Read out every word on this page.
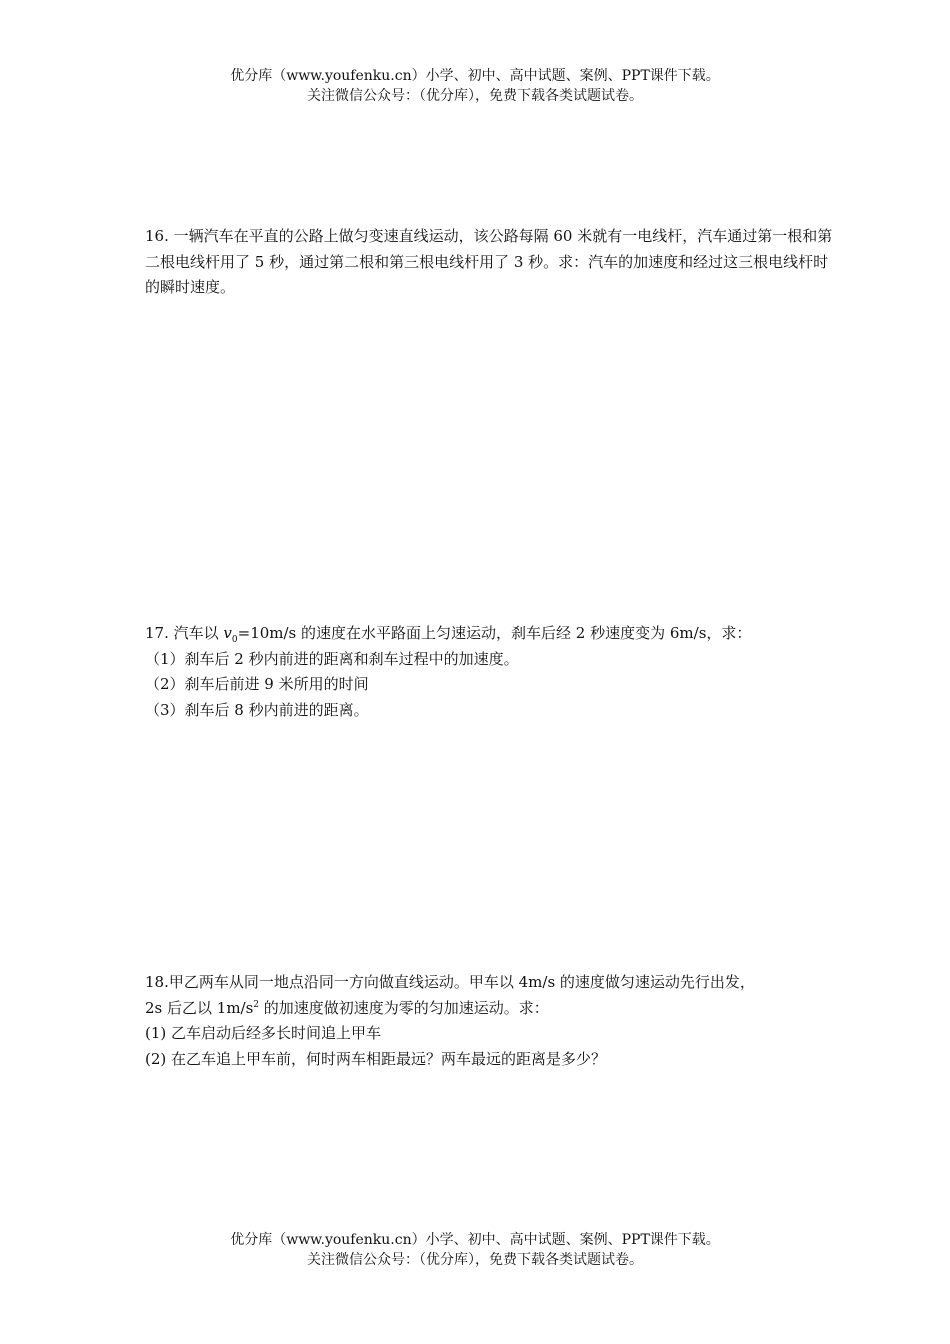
优分库（www.youfenku.cn）小学、初中、高中试题、案例、PPT课件下载。
关注微信公众号：（优分库），免费下载各类试题试卷。

16. 一辆汽车在平直的公路上做匀变速直线运动，该公路每隔 60 米就有一电线杆，汽车通过第一根和第二根电线杆用了 5 秒，通过第二根和第三根电线杆用了 3 秒。求：汽车的加速度和经过这三根电线杆时的瞬时速度。

17. 汽车以 $v_0=10m/s$ 的速度在水平路面上匀速运动，刹车后经 2 秒速度变为 6m/s，求：

（1）刹车后 2 秒内前进的距离和刹车过程中的加速度。

（2）刹车后前进 9 米所用的时间

（3）刹车后 8 秒内前进的距离。

18.甲乙两车从同一地点沿同一方向做直线运动。甲车以 4m/s 的速度做匀速运动先行出发，

2s 后乙以 $1m/s^2$ 的加速度做初速度为零的匀加速运动。求：

(1) 乙车启动后经多长时间追上甲车

(2) 在乙车追上甲车前，何时两车相距最远？两车最远的距离是多少？

优分库（www.youfenku.cn）小学、初中、高中试题、案例、PPT课件下载。
关注微信公众号：（优分库），免费下载各类试题试卷。
